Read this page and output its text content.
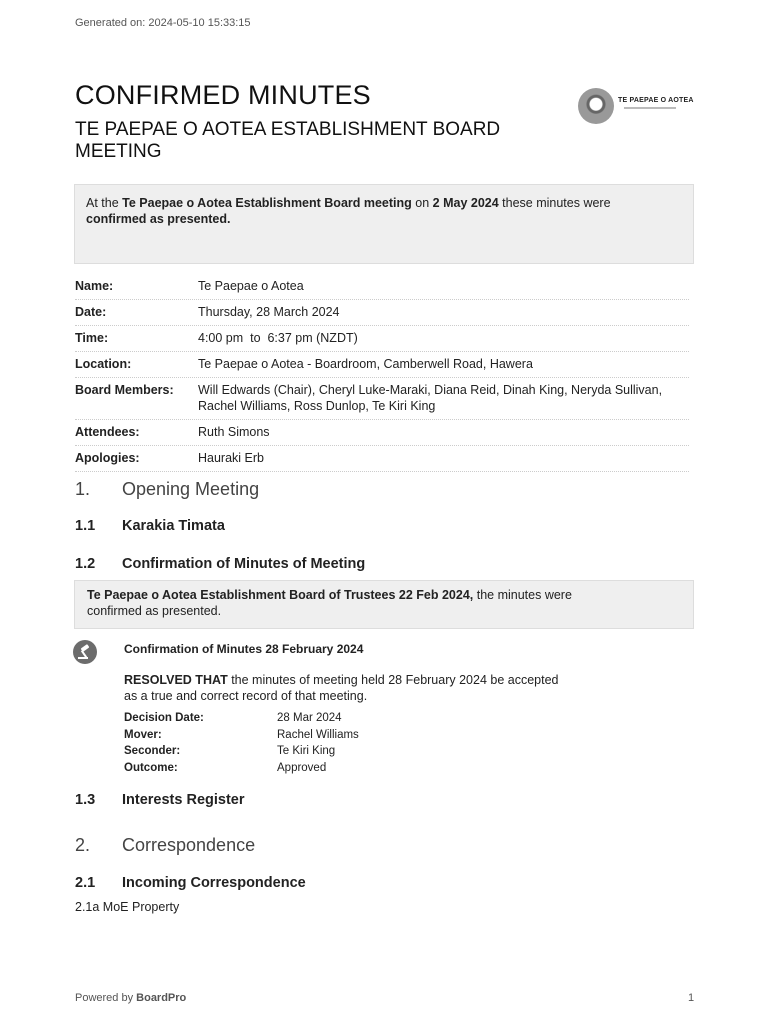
Generated on: 2024-05-10 15:33:15
CONFIRMED MINUTES
TE PAEPAE O AOTEA ESTABLISHMENT BOARD MEETING
TE PAEPAE O AOTEA
At the Te Paepae o Aotea Establishment Board meeting on 2 May 2024 these minutes were
confirmed as presented.
Name:	Te Paepae o Aotea
Date:	Thursday, 28 March 2024
Time:	4:00 pm  to  6:37 pm (NZDT)
Location:	Te Paepae o Aotea - Boardroom, Camberwell Road, Hawera
Board Members:	Will Edwards (Chair), Cheryl Luke-Maraki, Diana Reid, Dinah King, Neryda Sullivan, Rachel Williams, Ross Dunlop, Te Kiri King
Attendees:	Ruth Simons
Apologies:	Hauraki Erb
1. Opening Meeting
1.1 Karakia Timata
1.2 Confirmation of Minutes of Meeting
Te Paepae o Aotea Establishment Board of Trustees 22 Feb 2024, the minutes were
confirmed as presented.
Confirmation of Minutes 28 February 2024
RESOLVED THAT the minutes of meeting held 28 February 2024 be accepted
as a true and correct record of that meeting.
Decision Date:	28 Mar 2024
Mover:	Rachel Williams
Seconder:	Te Kiri King
Outcome:	Approved
1.3 Interests Register
2. Correspondence
2.1 Incoming Correspondence
2.1a MoE Property
Powered by BoardPro	1
